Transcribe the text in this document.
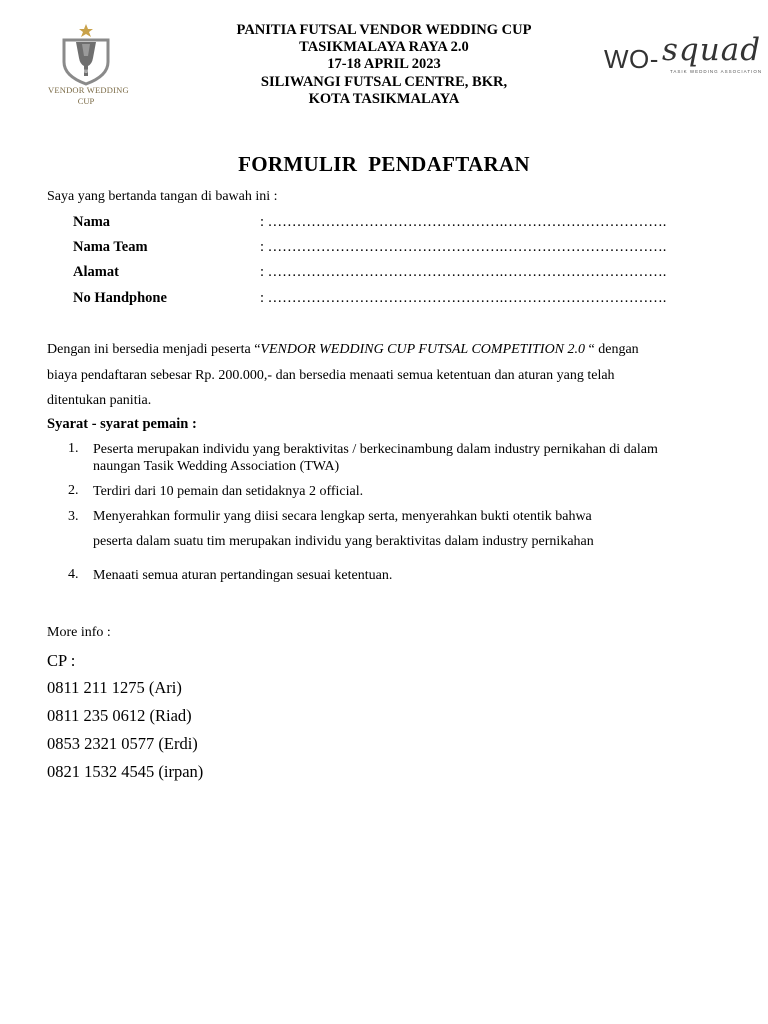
VWC
VENDOR WEDDING
CUP
WO- squad
TASIK WEDDING ASSOCIATION
PANITIA FUTSAL VENDOR WEDDING CUP
TASIKMALAYA RAYA 2.0
17-18 APRIL 2023
SILIWANGI FUTSAL CENTRE, BKR,
KOTA TASIKMALAYA
FORMULIR  PENDAFTARAN
Saya yang bertanda tangan di bawah ini :
Nama	: ………………………………………….…………………………….
Nama Team	: ………………………………………….…………………………….
Alamat	: ………………………………………….…………………………….
No Handphone	: ………………………………………….…………………………….

Dengan ini bersedia menjadi peserta “VENDOR WEDDING CUP FUTSAL COMPETITION 2.0 “ dengan

biaya pendaftaran sebesar Rp. 200.000,- dan bersedia menaati semua ketentuan dan aturan yang telah

ditentukan panitia.

Syarat - syarat pemain :
1. Peserta merupakan individu yang beraktivitas / berkecinambung dalam industry pernikahan di dalam
naungan Tasik Wedding Association (TWA)
2. Terdiri dari 10 pemain dan setidaknya 2 official.
3. Menyerahkan formulir yang diisi secara lengkap serta, menyerahkan bukti otentik bahwa
peserta dalam suatu tim merupakan individu yang beraktivitas dalam industry pernikahan
4. Menaati semua aturan pertandingan sesuai ketentuan.
More info :
CP :
0811 211 1275 (Ari)
0811 235 0612 (Riad)
0853 2321 0577 (Erdi)
0821 1532 4545 (irpan)
